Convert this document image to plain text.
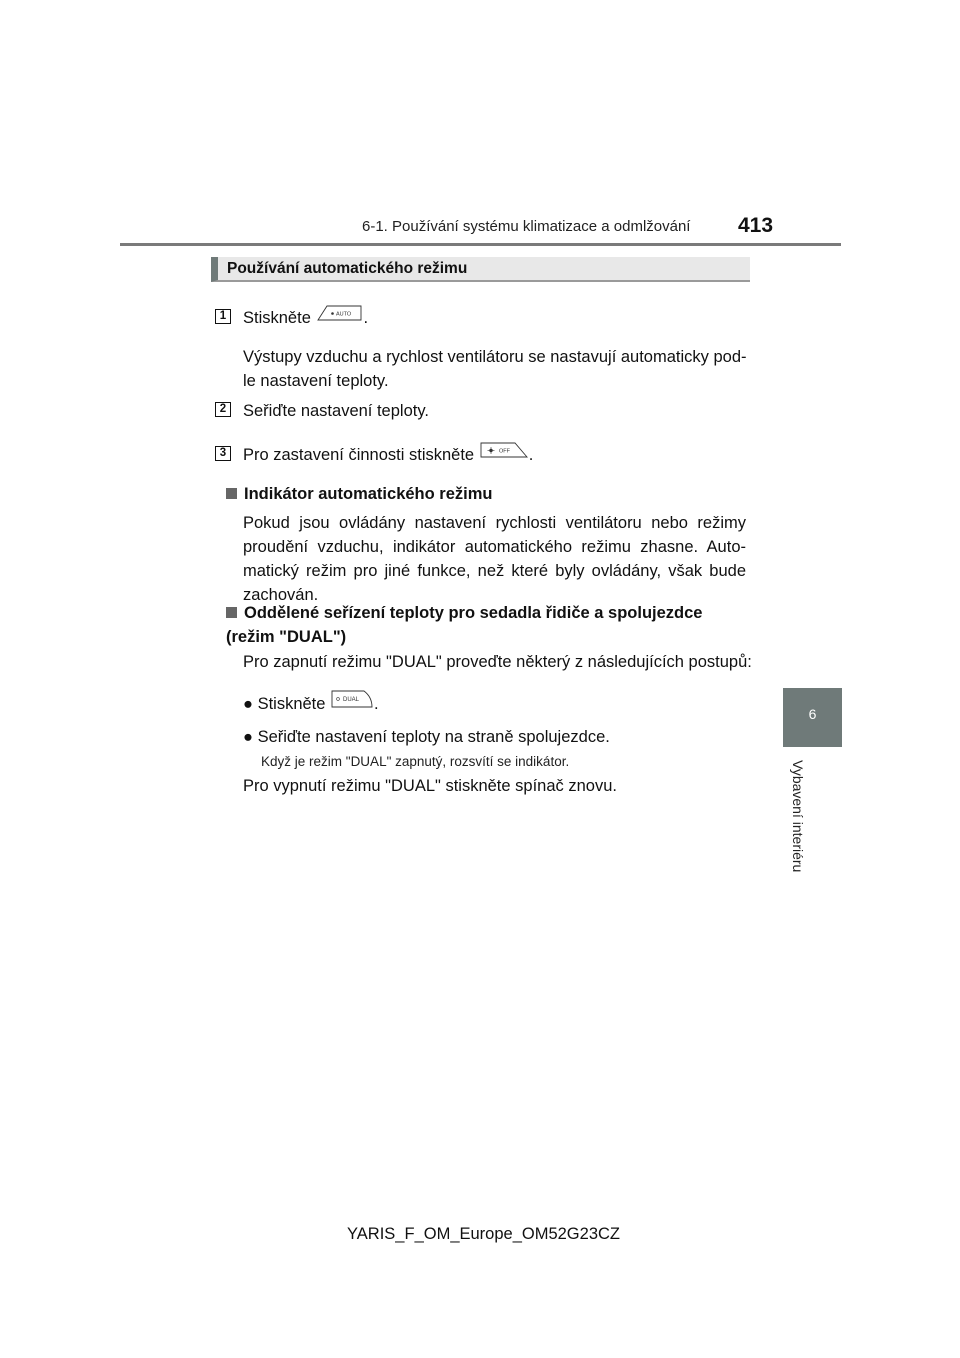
6-1. Používání systému klimatizace a odmlžování 413
6
Vybavení interiéru
Používání automatického režimu
1 Stiskněte	AUTO .
Výstupy vzduchu a rychlost ventilátoru se nastavují automaticky pod-le nastavení teploty.
2 Seřiďte nastavení teploty.
3 Pro zastavení činnosti stiskněte	OFF .
Indikátor automatického režimu
Pokud jsou ovládány nastavení rychlosti ventilátoru nebo režimy proudění vzduchu, indikátor automatického režimu zhasne. Auto-matický režim pro jiné funkce, než které byly ovládány, však bude zachován.
Oddělené seřízení teploty pro sedadla řidiče a spolujezdce (režim "DUAL")
Pro zapnutí režimu "DUAL" proveďte některý z následujících postupů:
● Stiskněte	DUAL .
● Seřiďte nastavení teploty na straně spolujezdce.
Když je režim "DUAL" zapnutý, rozsvítí se indikátor.
Pro vypnutí režimu "DUAL" stiskněte spínač znovu.
YARIS_F_OM_Europe_OM52G23CZ
